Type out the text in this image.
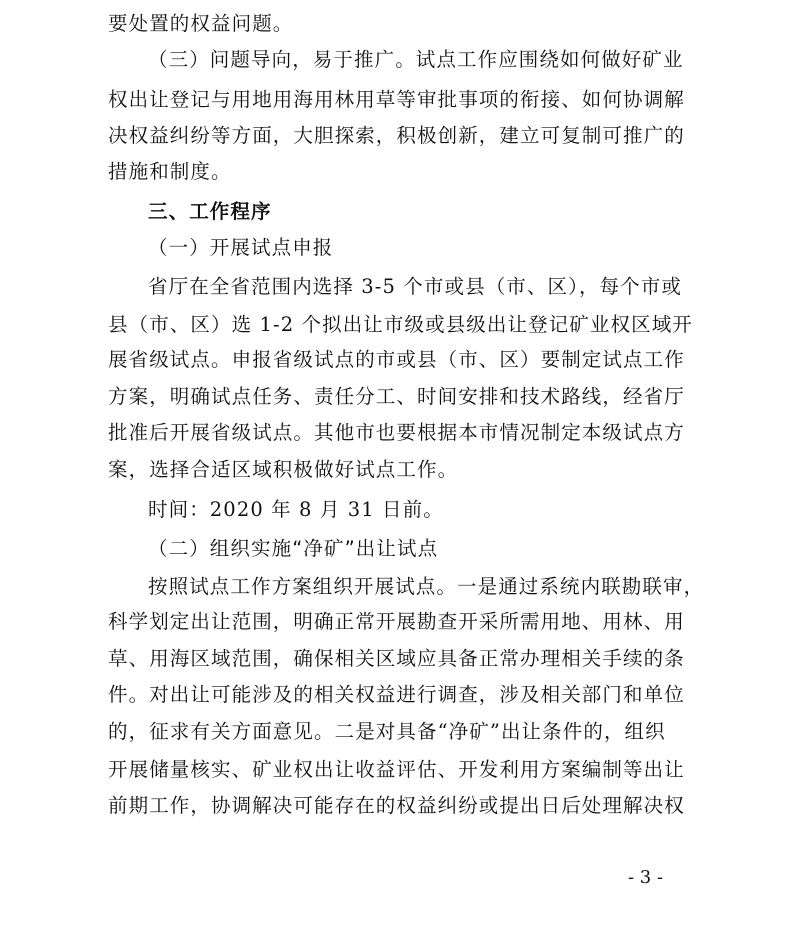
要处置的权益问题。
（三）问题导向，易于推广。试点工作应围绕如何做好矿业
权出让登记与用地用海用林用草等审批事项的衔接、如何协调解
决权益纠纷等方面，大胆探索，积极创新，建立可复制可推广的
措施和制度。
三、工作程序
（一）开展试点申报
省厅在全省范围内选择 3-5 个市或县（市、区），每个市或
县（市、区）选 1-2 个拟出让市级或县级出让登记矿业权区域开
展省级试点。申报省级试点的市或县（市、区）要制定试点工作
方案，明确试点任务、责任分工、时间安排和技术路线，经省厅
批准后开展省级试点。其他市也要根据本市情况制定本级试点方
案，选择合适区域积极做好试点工作。
时间：2020 年 8 月 31 日前。
（二）组织实施“净矿”出让试点
按照试点工作方案组织开展试点。一是通过系统内联勘联审，
科学划定出让范围，明确正常开展勘查开采所需用地、用林、用
草、用海区域范围，确保相关区域应具备正常办理相关手续的条
件。对出让可能涉及的相关权益进行调查，涉及相关部门和单位
的，征求有关方面意见。二是对具备“净矿”出让条件的，组织
开展储量核实、矿业权出让收益评估、开发利用方案编制等出让
前期工作，协调解决可能存在的权益纠纷或提出日后处理解决权
- 3 -
